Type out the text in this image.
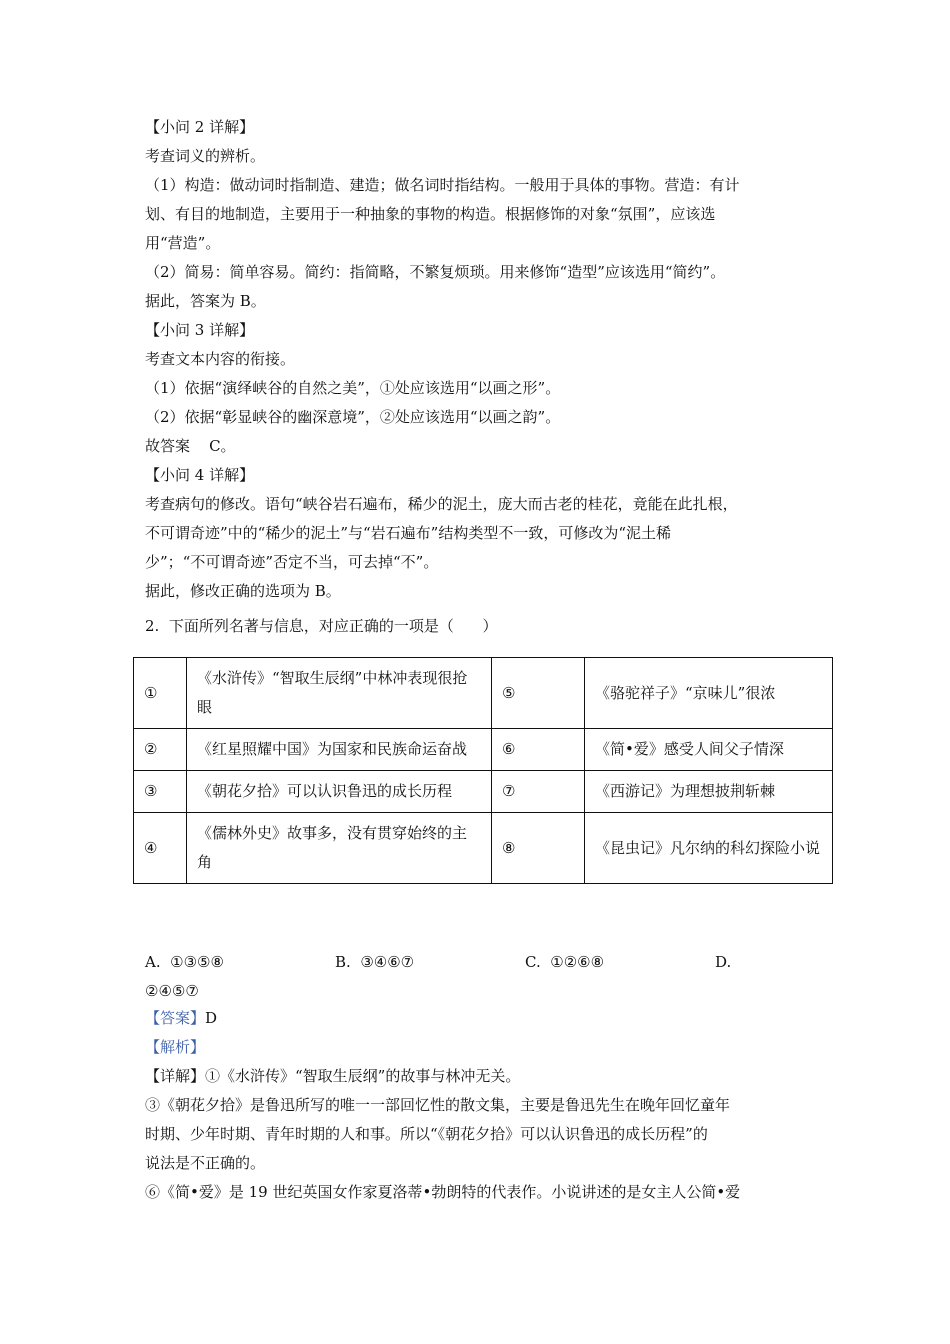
【小问 2 详解】
考查词义的辨析。
（1）构造：做动词时指制造、建造；做名词时指结构。一般用于具体的事物。营造：有计
划、有目的地制造，主要用于一种抽象的事物的构造。根据修饰的对象“氛围”，应该选
用“营造”。
（2）简易：简单容易。简约：指简略，不繁复烦琐。用来修饰“造型”应该选用“简约”。
据此，答案为 B。
【小问 3 详解】
考查文本内容的衔接。
（1）依据“演绎峡谷的自然之美”，①处应该选用“以画之形”。
（2）依据“彰显峡谷的幽深意境”，②处应该选用“以画之韵”。
故答案    C。
【小问 4 详解】
考查病句的修改。语句“峡谷岩石遍布，稀少的泥土，庞大而古老的桂花，竟能在此扎根，
不可谓奇迹”中的“稀少的泥土”与“岩石遍布”结构类型不一致，可修改为“泥土稀
少”；“不可谓奇迹”否定不当，可去掉“不”。
据此，修改正确的选项为 B。
2.  下面所列名著与信息，对应正确的一项是（      ）
①	《水浒传》“智取生辰纲”中林冲表现很抢眼	⑤	《骆驼祥子》“京味儿”很浓
②	《红星照耀中国》为国家和民族命运奋战	⑥	《简•爱》感受人间父子情深
③	《朝花夕拾》可以认识鲁迅的成长历程	⑦	《西游记》为理想披荆斩棘
④	《儒林外史》故事多，没有贯穿始终的主角	⑧	《昆虫记》凡尔纳的科幻探险小说
A.  ①③⑤⑧	B.  ③④⑥⑦	C.  ①②⑥⑧	D.
②④⑤⑦
【答案】D
【解析】
【详解】①《水浒传》“智取生辰纲”的故事与林冲无关。
③《朝花夕拾》是鲁迅所写的唯一一部回忆性的散文集，主要是鲁迅先生在晚年回忆童年
时期、少年时期、青年时期的人和事。所以“《朝花夕拾》可以认识鲁迅的成长历程”的
说法是不正确的。
⑥《简•爱》是 19 世纪英国女作家夏洛蒂•勃朗特的代表作。小说讲述的是女主人公简•爱
